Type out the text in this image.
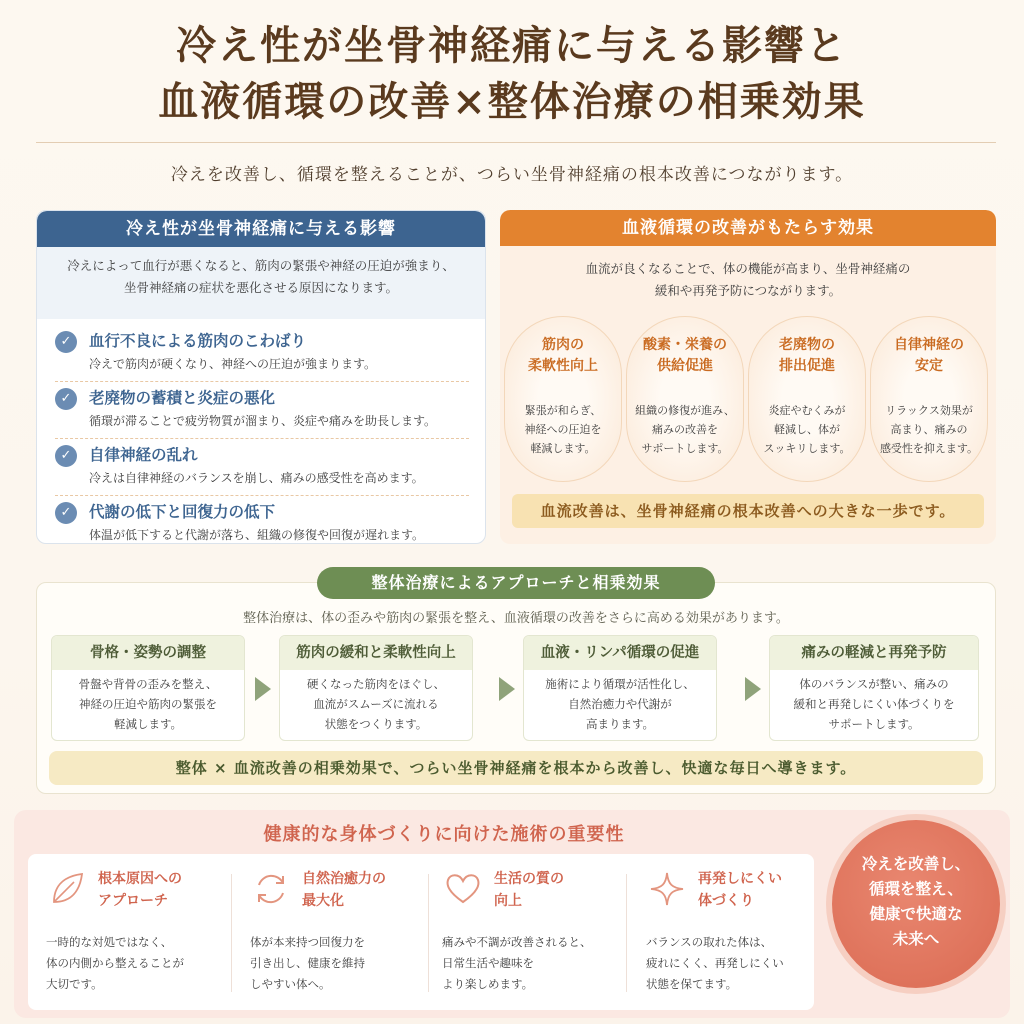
冷え性が坐骨神経痛に与える影響と
血液循環の改善×整体治療の相乗効果
冷えを改善し、循環を整えることが、つらい坐骨神経痛の根本改善につながります。
冷え性が坐骨神経痛に与える影響
冷えによって血行が悪くなると、筋肉の緊張や神経の圧迫が強まり、
坐骨神経痛の症状を悪化させる原因になります。
✓	血行不良による筋肉のこわばり
冷えで筋肉が硬くなり、神経への圧迫が強まります。
✓	老廃物の蓄積と炎症の悪化
循環が滞ることで疲労物質が溜まり、炎症や痛みを助長します。
✓	自律神経の乱れ
冷えは自律神経のバランスを崩し、痛みの感受性を高めます。
✓	代謝の低下と回復力の低下
体温が低下すると代謝が落ち、組織の修復や回復が遅れます。
血液循環の改善がもたらす効果
血流が良くなることで、体の機能が高まり、坐骨神経痛の
緩和や再発予防につながります。
筋肉の
柔軟性向上
緊張が和らぎ、
神経への圧迫を
軽減します。
酸素・栄養の
供給促進
組織の修復が進み、
痛みの改善を
サポートします。
老廃物の
排出促進
炎症やむくみが
軽減し、体が
スッキリします。
自律神経の
安定
リラックス効果が
高まり、痛みの
感受性を抑えます。
血流改善は、坐骨神経痛の根本改善への大きな一歩です。
整体治療によるアプローチと相乗効果
整体治療は、体の歪みや筋肉の緊張を整え、血液循環の改善をさらに高める効果があります。
骨格・姿勢の調整
骨盤や背骨の歪みを整え、
神経の圧迫や筋肉の緊張を
軽減します。
筋肉の緩和と柔軟性向上
硬くなった筋肉をほぐし、
血流がスムーズに流れる
状態をつくります。
血液・リンパ循環の促進
施術により循環が活性化し、
自然治癒力や代謝が
高まります。
痛みの軽減と再発予防
体のバランスが整い、痛みの
緩和と再発しにくい体づくりを
サポートします。
整体 × 血流改善の相乗効果で、つらい坐骨神経痛を根本から改善し、快適な毎日へ導きます。
健康的な身体づくりに向けた施術の重要性
根本原因への
アプローチ
一時的な対処ではなく、
体の内側から整えることが
大切です。
自然治癒力の
最大化
体が本来持つ回復力を
引き出し、健康を維持
しやすい体へ。
生活の質の
向上
痛みや不調が改善されると、
日常生活や趣味を
より楽しめます。
再発しにくい
体づくり
バランスの取れた体は、
疲れにくく、再発しにくい
状態を保てます。
冷えを改善し、
循環を整え、
健康で快適な
未来へ
